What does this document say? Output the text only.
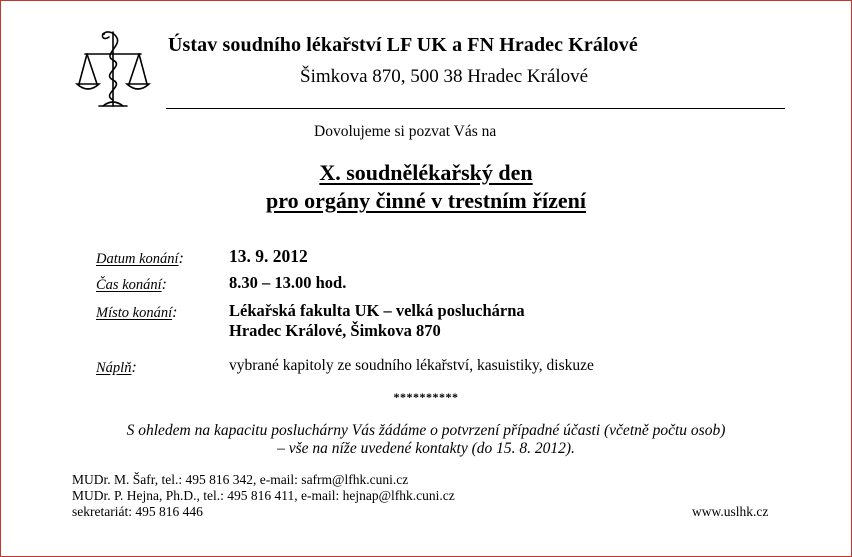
Ústav soudního lékařství LF UK a FN Hradec Králové
Šimkova 870, 500 38 Hradec Králové
Dovolujeme si pozvat Vás na
X. soudnělékařský den
pro orgány činné v trestním řízení
Datum konání:	13. 9. 2012
Čas konání:	8.30 – 13.00 hod.
Místo konání:	Lékařská fakulta UK – velká posluchárna
Hradec Králové, Šimkova 870
Náplň:	vybrané kapitoly ze soudního lékařství, kasuistiky, diskuze
**********
S ohledem na kapacitu posluchárny Vás žádáme o potvrzení případné účasti (včetně počtu osob)
– vše na níže uvedené kontakty (do 15. 8. 2012).
MUDr. M. Šafr, tel.: 495 816 342, e-mail: safrm@lfhk.cuni.cz
MUDr. P. Hejna, Ph.D., tel.: 495 816 411, e-mail: hejnap@lfhk.cuni.cz
sekretariát: 495 816 446	www.uslhk.cz
